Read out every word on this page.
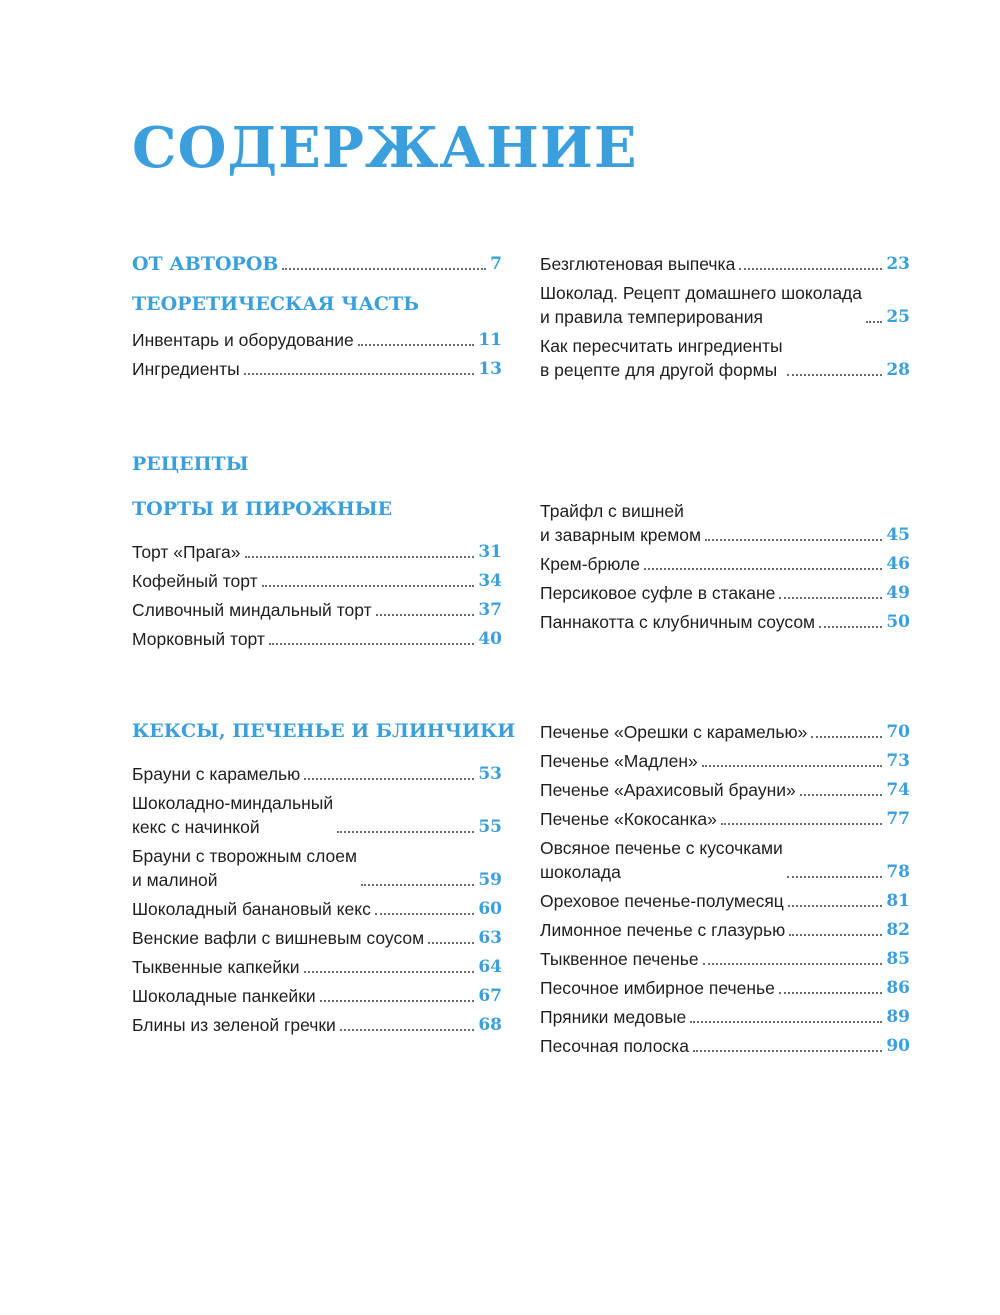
СОДЕРЖАНИЕ
ОТ АВТОРОВ	7
ТЕОРЕТИЧЕСКАЯ ЧАСТЬ
Инвентарь и оборудование	11
Ингредиенты	13
Безглютеновая выпечка	23
Шоколад. Рецепт домашнего шоколада
и правила темперирования	25
Как пересчитать ингредиенты
в рецепте для другой формы	28
РЕЦЕПТЫ
ТОРТЫ И ПИРОЖНЫЕ
Торт «Прага»	31
Кофейный торт	34
Сливочный миндальный торт	37
Морковный торт	40
Трайфл с вишней
и заварным кремом	45
Крем-брюле	46
Персиковое суфле в стакане	49
Паннакотта с клубничным соусом	50
КЕКСЫ, ПЕЧЕНЬЕ И БЛИНЧИКИ
Брауни с карамелью	53
Шоколадно-миндальный
кекс с начинкой	55
Брауни с творожным слоем
и малиной	59
Шоколадный банановый кекс	60
Венские вафли с вишневым соусом	63
Тыквенные капкейки	64
Шоколадные панкейки	67
Блины из зеленой гречки	68
Печенье «Орешки с карамелью»	70
Печенье «Мадлен»	73
Печенье «Арахисовый брауни»	74
Печенье «Кокосанка»	77
Овсяное печенье с кусочками
шоколада	78
Ореховое печенье-полумесяц	81
Лимонное печенье с глазурью	82
Тыквенное печенье	85
Песочное имбирное печенье	86
Пряники медовые	89
Песочная полоска	90
